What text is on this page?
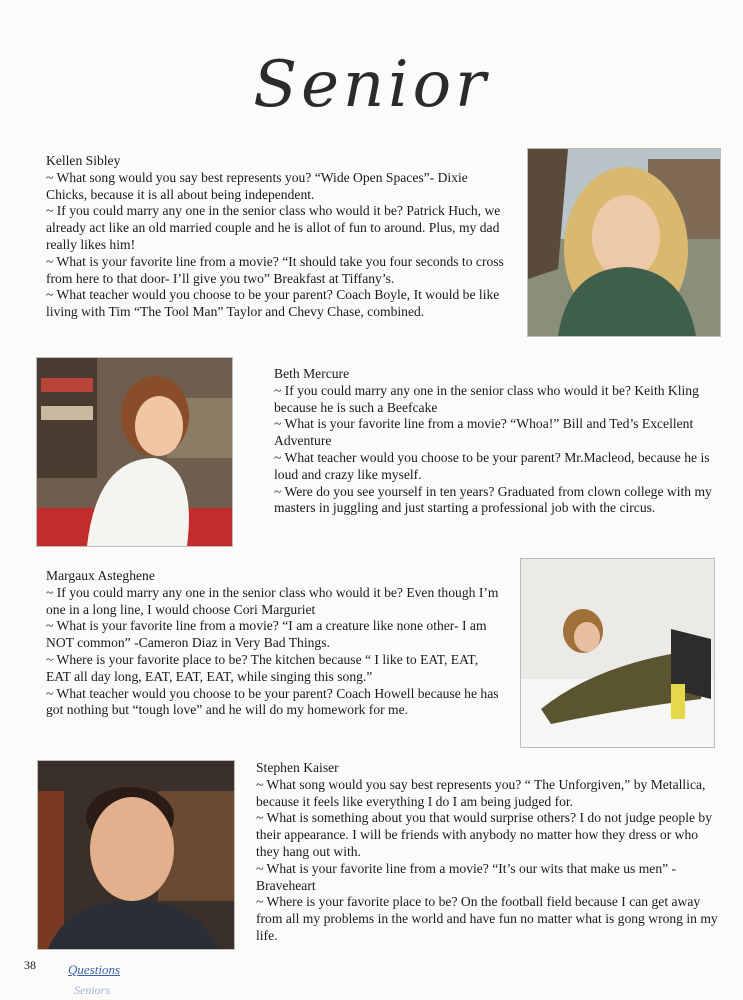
Senior

Kellen Sibley

~ What song would you say best represents you? “Wide Open Spaces”- Dixie Chicks, because it is all about being independent.

~ If you could marry any one in the senior class who would it be? Patrick Huch, we already act like an old married couple and he is allot of fun to around. Plus, my dad really likes him!

~ What is your favorite line from a movie? “It should take you four seconds to cross from here to that door- I’ll give you two” Breakfast at Tiffany’s.

~ What teacher would you choose to be your parent? Coach Boyle, It would be like living with Tim “The Tool Man” Taylor and Chevy Chase, combined.

Beth Mercure

~ If you could marry any one in the senior class who would it be? Keith Kling because he is such a Beefcake

~ What is your favorite line from a movie? “Whoa!” Bill and Ted’s Excellent Adventure

~ What teacher would you choose to be your parent? Mr.Macleod, because he is loud and crazy like myself.

~ Were do you see yourself in ten years? Graduated from clown college with my masters in juggling and just starting a professional job with the circus.

Margaux Asteghene

~ If you could marry any one in the senior class who would it be? Even though I’m one in a long line, I would choose Cori Marguriet

~ What is your favorite line from a movie? “I am a creature like none other- I am NOT common” -Cameron Diaz in Very Bad Things.

~ Where is your favorite place to be? The kitchen because “ I like to EAT, EAT, EAT all day long, EAT, EAT, EAT, while singing this song.”

~ What teacher would you choose to be your parent? Coach Howell because he has got nothing but “tough love” and he will do my homework for me.

Stephen Kaiser

~ What song would you say best represents you? “ The Unforgiven,” by Metallica, because it feels like everything I do I am being judged for.

~ What is something about you that would surprise others? I do not judge people by their appearance. I will be friends with anybody no matter how they dress or who they hang out with.

~ What is your favorite line from a movie? “It’s our wits that make us men” -Braveheart

~ Where is your favorite place to be? On the football field because I can get away from all my problems in the world and have fun no matter what is gong wrong in my life.

38 Questions
Seniors
